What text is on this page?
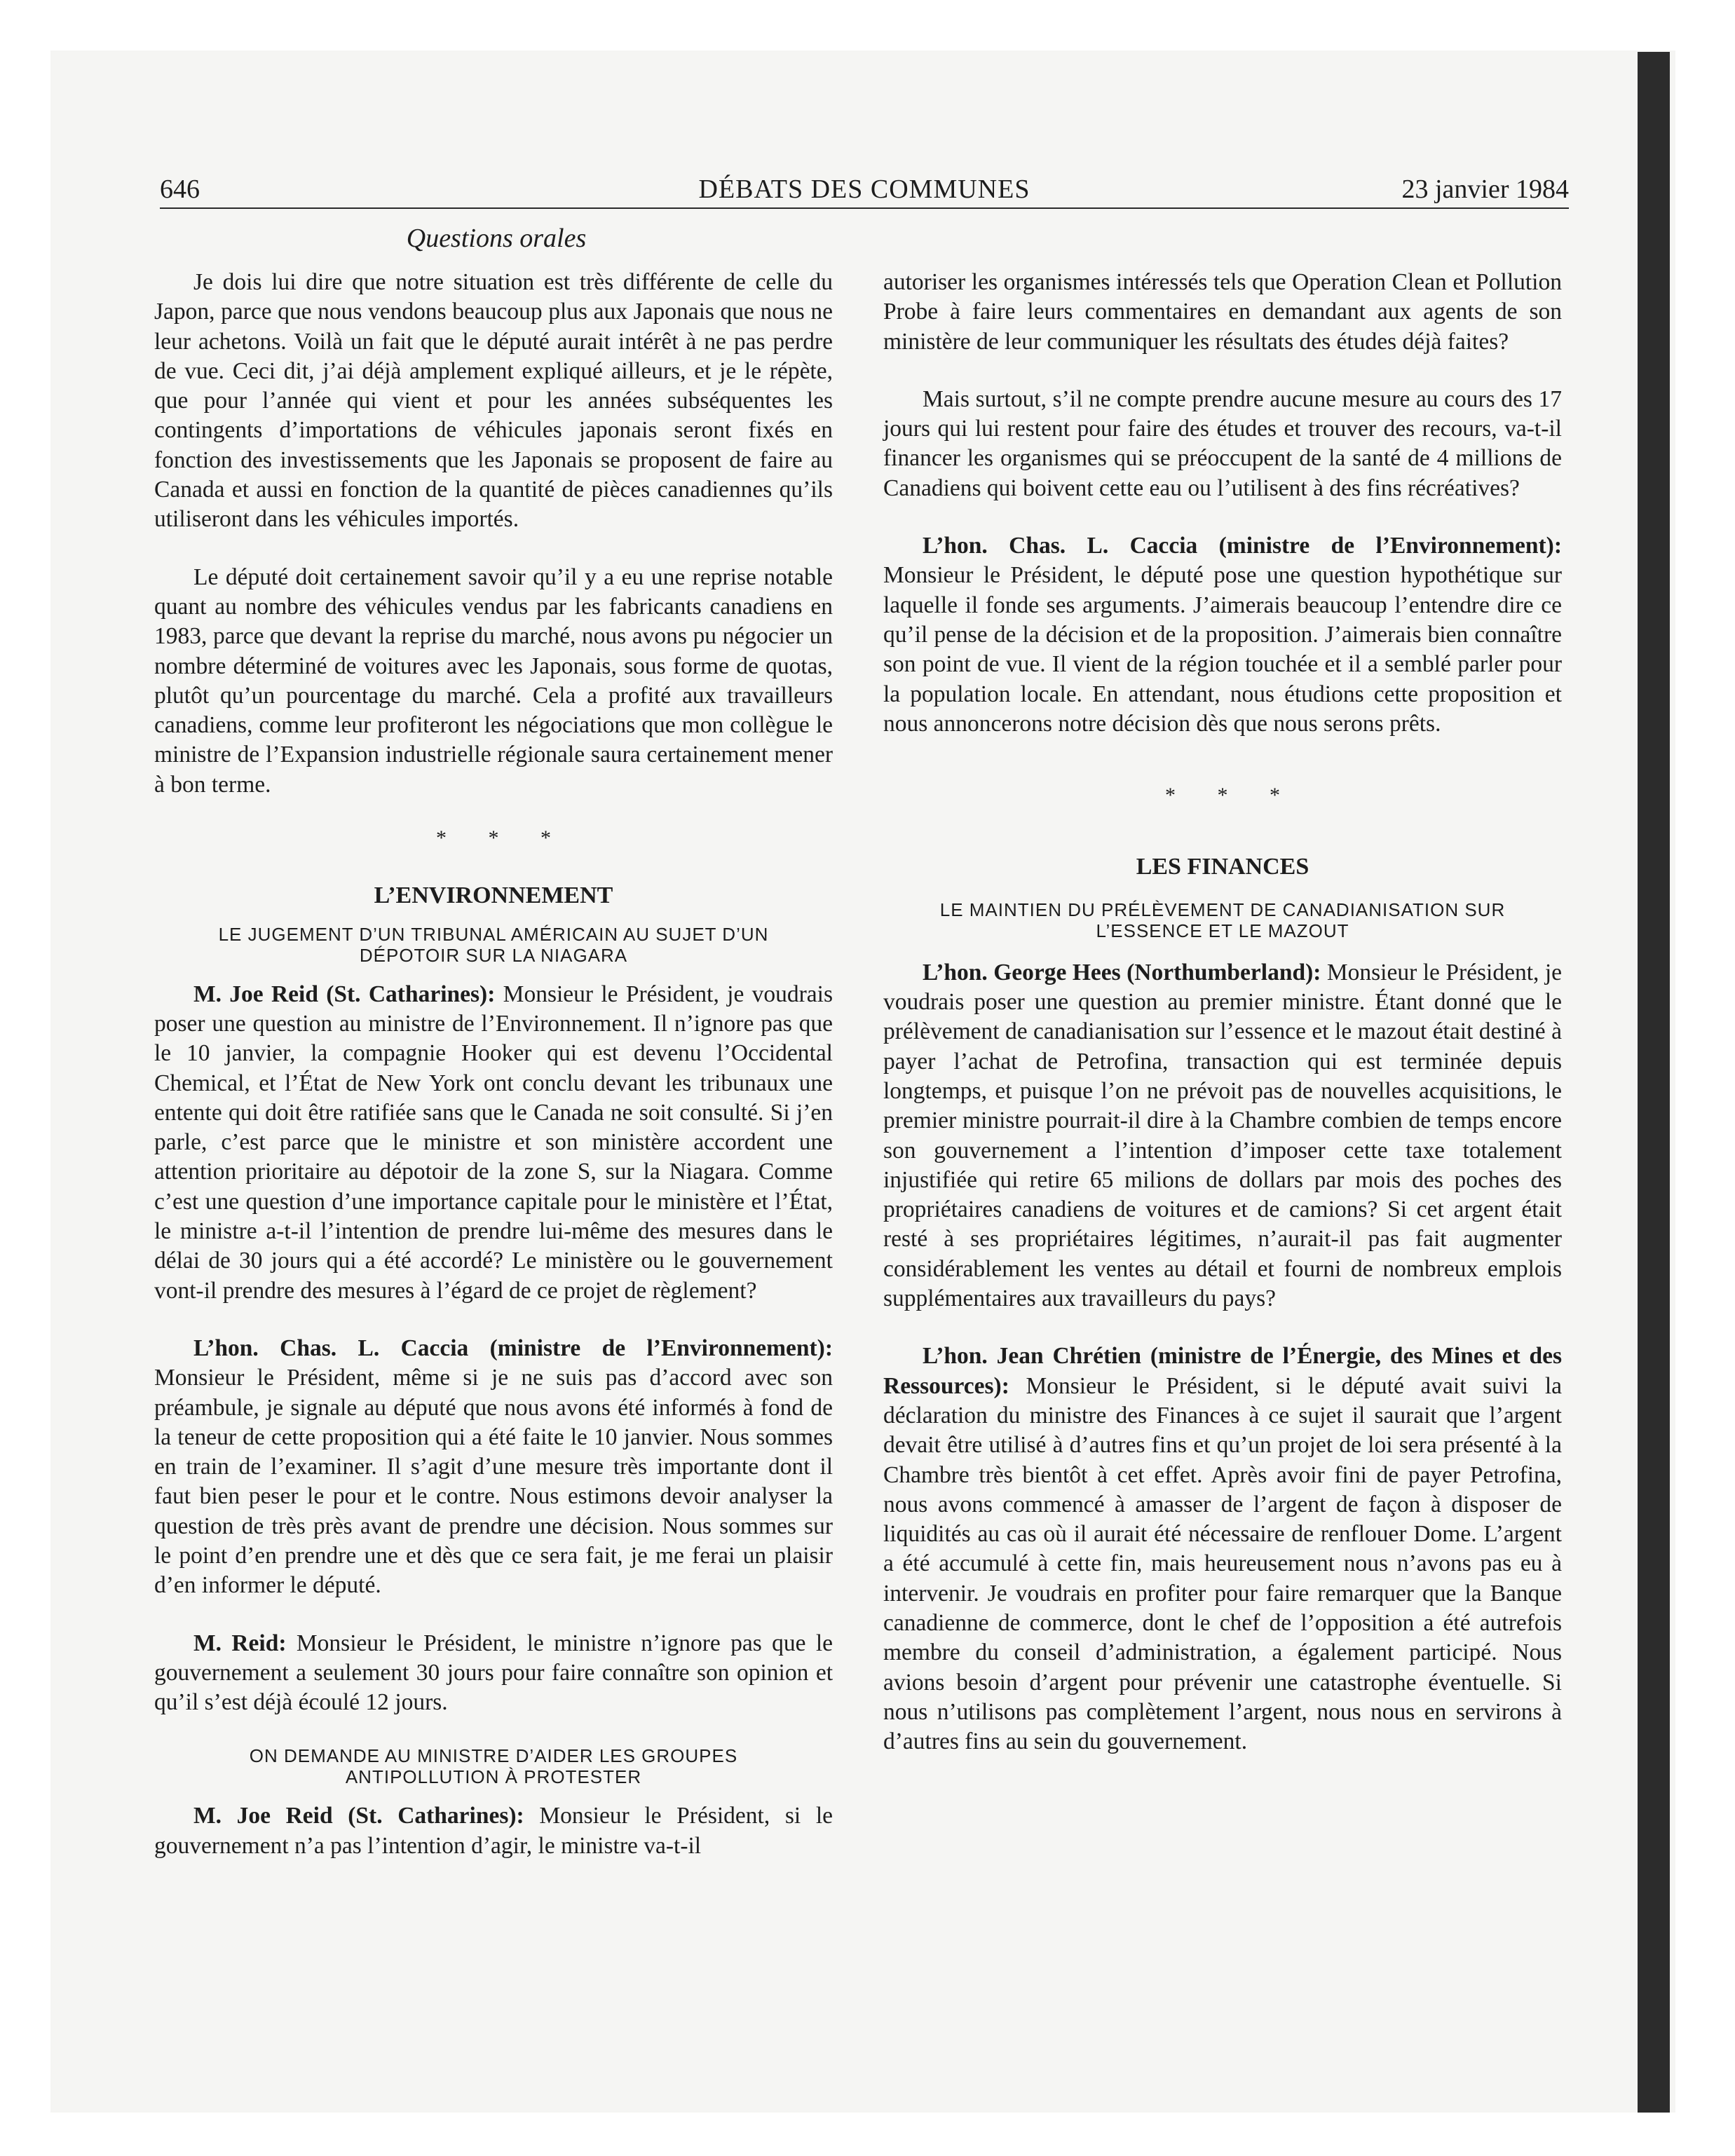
646	DÉBATS DES COMMUNES	23 janvier 1984
Questions orales

Je dois lui dire que notre situation est très différente de celle du Japon, parce que nous vendons beaucoup plus aux Japonais que nous ne leur achetons. Voilà un fait que le député aurait intérêt à ne pas perdre de vue. Ceci dit, j’ai déjà amplement expliqué ailleurs, et je le répète, que pour l’année qui vient et pour les années subséquentes les contingents d’importations de véhicules japonais seront fixés en fonction des investissements que les Japonais se proposent de faire au Canada et aussi en fonction de la quantité de pièces canadiennes qu’ils utiliseront dans les véhicules importés.

Le député doit certainement savoir qu’il y a eu une reprise notable quant au nombre des véhicules vendus par les fabricants canadiens en 1983, parce que devant la reprise du marché, nous avons pu négocier un nombre déterminé de voitures avec les Japonais, sous forme de quotas, plutôt qu’un pourcentage du marché. Cela a profité aux travailleurs canadiens, comme leur profiteront les négociations que mon collègue le ministre de l’Expansion industrielle régionale saura certainement mener à bon terme.

* * *
L’ENVIRONNEMENT
LE JUGEMENT D’UN TRIBUNAL AMÉRICAIN AU SUJET D’UN DÉPOTOIR SUR LA NIAGARA

M. Joe Reid (St. Catharines): Monsieur le Président, je voudrais poser une question au ministre de l’Environnement. Il n’ignore pas que le 10 janvier, la compagnie Hooker qui est devenu l’Occidental Chemical, et l’État de New York ont conclu devant les tribunaux une entente qui doit être ratifiée sans que le Canada ne soit consulté. Si j’en parle, c’est parce que le ministre et son ministère accordent une attention prioritaire au dépotoir de la zone S, sur la Niagara. Comme c’est une question d’une importance capitale pour le ministère et l’État, le ministre a-t-il l’intention de prendre lui-même des mesures dans le délai de 30 jours qui a été accordé? Le ministère ou le gouvernement vont-il prendre des mesures à l’égard de ce projet de règlement?

L’hon. Chas. L. Caccia (ministre de l’Environnement): Monsieur le Président, même si je ne suis pas d’accord avec son préambule, je signale au député que nous avons été informés à fond de la teneur de cette proposition qui a été faite le 10 janvier. Nous sommes en train de l’examiner. Il s’agit d’une mesure très importante dont il faut bien peser le pour et le contre. Nous estimons devoir analyser la question de très près avant de prendre une décision. Nous sommes sur le point d’en prendre une et dès que ce sera fait, je me ferai un plaisir d’en informer le député.

M. Reid: Monsieur le Président, le ministre n’ignore pas que le gouvernement a seulement 30 jours pour faire connaître son opinion et qu’il s’est déjà écoulé 12 jours.

ON DEMANDE AU MINISTRE D’AIDER LES GROUPES ANTIPOLLUTION À PROTESTER

M. Joe Reid (St. Catharines): Monsieur le Président, si le gouvernement n’a pas l’intention d’agir, le ministre va-t-il

autoriser les organismes intéressés tels que Operation Clean et Pollution Probe à faire leurs commentaires en demandant aux agents de son ministère de leur communiquer les résultats des études déjà faites?

Mais surtout, s’il ne compte prendre aucune mesure au cours des 17 jours qui lui restent pour faire des études et trouver des recours, va-t-il financer les organismes qui se préoccupent de la santé de 4 millions de Canadiens qui boivent cette eau ou l’utilisent à des fins récréatives?

L’hon. Chas. L. Caccia (ministre de l’Environnement): Monsieur le Président, le député pose une question hypothétique sur laquelle il fonde ses arguments. J’aimerais beaucoup l’entendre dire ce qu’il pense de la décision et de la proposition. J’aimerais bien connaître son point de vue. Il vient de la région touchée et il a semblé parler pour la population locale. En attendant, nous étudions cette proposition et nous annoncerons notre décision dès que nous serons prêts.

* * *
LES FINANCES
LE MAINTIEN DU PRÉLÈVEMENT DE CANADIANISATION SUR L’ESSENCE ET LE MAZOUT

L’hon. George Hees (Northumberland): Monsieur le Président, je voudrais poser une question au premier ministre. Étant donné que le prélèvement de canadianisation sur l’essence et le mazout était destiné à payer l’achat de Petrofina, transaction qui est terminée depuis longtemps, et puisque l’on ne prévoit pas de nouvelles acquisitions, le premier ministre pourrait-il dire à la Chambre combien de temps encore son gouvernement a l’intention d’imposer cette taxe totalement injustifiée qui retire 65 milions de dollars par mois des poches des propriétaires canadiens de voitures et de camions? Si cet argent était resté à ses propriétaires légitimes, n’aurait-il pas fait augmenter considérablement les ventes au détail et fourni de nombreux emplois supplémentaires aux travailleurs du pays?

L’hon. Jean Chrétien (ministre de l’Énergie, des Mines et des Ressources): Monsieur le Président, si le député avait suivi la déclaration du ministre des Finances à ce sujet il saurait que l’argent devait être utilisé à d’autres fins et qu’un projet de loi sera présenté à la Chambre très bientôt à cet effet. Après avoir fini de payer Petrofina, nous avons commencé à amasser de l’argent de façon à disposer de liquidités au cas où il aurait été nécessaire de renflouer Dome. L’argent a été accumulé à cette fin, mais heureusement nous n’avons pas eu à intervenir. Je voudrais en profiter pour faire remarquer que la Banque canadienne de commerce, dont le chef de l’opposition a été autrefois membre du conseil d’administration, a également participé. Nous avions besoin d’argent pour prévenir une catastrophe éventuelle. Si nous n’utilisons pas complètement l’argent, nous nous en servirons à d’autres fins au sein du gouvernement.
